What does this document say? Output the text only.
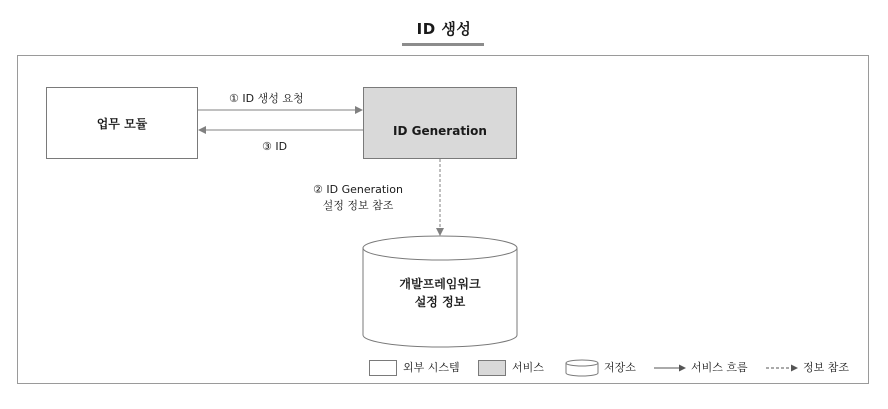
ID 생성
업무 모듈
ID Generation
① ID 생성 요청
③ ID
② ID Generation
설정 정보 참조
개발프레임워크
설정 정보
외부 시스템	서비스	저장소	서비스 흐름	정보 참조
